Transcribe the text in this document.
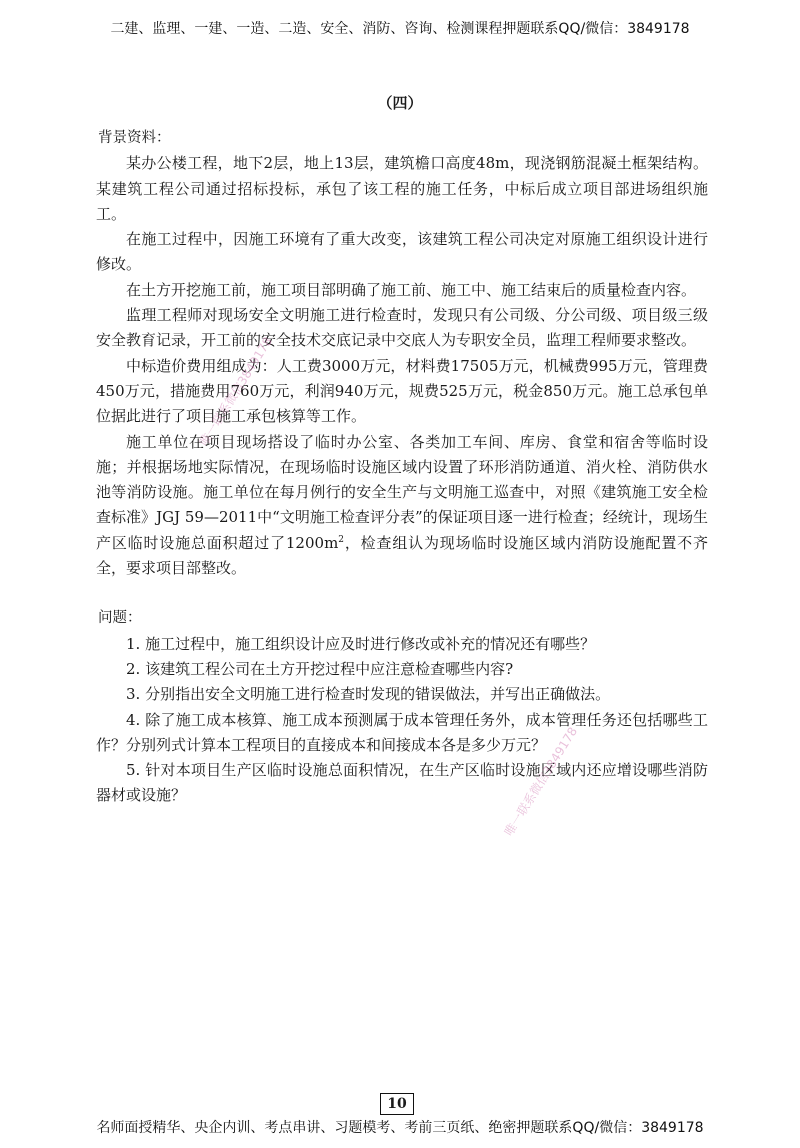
二建、监理、一建、一造、二造、安全、消防、咨询、检测课程押题联系QQ/微信：3849178
（四）

背景资料：

某办公楼工程，地下2层，地上13层，建筑檐口高度48m，现浇钢筋混凝土框架结构。某建筑工程公司通过招标投标，承包了该工程的施工任务，中标后成立项目部进场组织施工。

在施工过程中，因施工环境有了重大改变，该建筑工程公司决定对原施工组织设计进行修改。

在土方开挖施工前，施工项目部明确了施工前、施工中、施工结束后的质量检查内容。

监理工程师对现场安全文明施工进行检查时，发现只有公司级、分公司级、项目级三级安全教育记录，开工前的安全技术交底记录中交底人为专职安全员，监理工程师要求整改。

中标造价费用组成为：人工费3000万元，材料费17505万元，机械费995万元，管理费450万元，措施费用760万元，利润940万元，规费525万元，税金850万元。施工总承包单位据此进行了项目施工承包核算等工作。

施工单位在项目现场搭设了临时办公室、各类加工车间、库房、食堂和宿舍等临时设施；并根据场地实际情况，在现场临时设施区域内设置了环形消防通道、消火栓、消防供水池等消防设施。施工单位在每月例行的安全生产与文明施工巡查中，对照《建筑施工安全检查标准》JGJ 59—2011中“文明施工检查评分表”的保证项目逐一进行检查；经统计，现场生产区临时设施总面积超过了$1200m^2$，检查组认为现场临时设施区域内消防设施配置不齐全，要求项目部整改。

问题：

1. 施工过程中，施工组织设计应及时进行修改或补充的情况还有哪些？
2. 该建筑工程公司在土方开挖过程中应注意检查哪些内容?
3. 分别指出安全文明施工进行检查时发现的错误做法，并写出正确做法。
4. 除了施工成本核算、施工成本预测属于成本管理任务外，成本管理任务还包括哪些工作？分别列式计算本工程项目的直接成本和间接成本各是多少万元？
5. 针对本项目生产区临时设施总面积情况，在生产区临时设施区域内还应增设哪些消防器材或设施？
唯一联系微信3849178
唯一联系微信3849178
10
名师面授精华、央企内训、考点串讲、习题模考、考前三页纸、绝密押题联系QQ/微信：3849178
